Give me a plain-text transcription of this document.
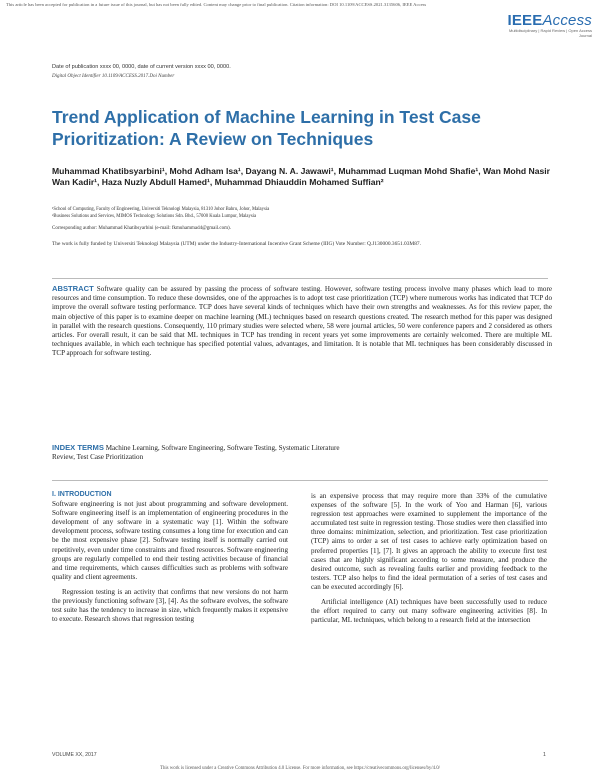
This article has been accepted for publication in a future issue of this journal, but has not been fully edited. Content may change prior to final publication. Citation information: DOI 10.1109/ACCESS.2021.3135606, IEEE Access
IEEEAccess
Multidisciplinary | Rapid Review | Open Access Journal
Date of publication xxxx 00, 0000, date of current version xxxx 00, 0000.
Digital Object Identifier 10.1109/ACCESS.2017.Doi Number
Trend Application of Machine Learning in Test Case Prioritization: A Review on Techniques
Muhammad Khatibsyarbini¹, Mohd Adham Isa¹, Dayang N. A. Jawawi¹, Muhammad Luqman Mohd Shafie¹, Wan Mohd Nasir Wan Kadir¹, Haza Nuzly Abdull Hamed¹, Muhammad Dhiauddin Mohamed Suffian²
¹School of Computing, Faculty of Engineering, Universiti Teknologi Malaysia, 81310 Johor Bahru, Johor, Malaysia
²Business Solutions and Services, MIMOS Technology Solutions Sdn. Bhd., 57000 Kuala Lumpur, Malaysia
Corresponding author: Muhammad Khatibsyarbini (e-mail: fkmuhammad4@gmail.com).
The work is fully funded by Universiti Teknologi Malaysia (UTM) under the Industry-International Incentive Grant Scheme (IIIG) Vote Number: Q.J130000.3651.03M87.
ABSTRACT Software quality can be assured by passing the process of software testing. However, software testing process involve many phases which lead to more resources and time consumption. To reduce these downsides, one of the approaches is to adopt test case prioritization (TCP) where numerous works has indicated that TCP do improve the overall software testing performance. TCP does have several kinds of techniques which have their own strengths and weaknesses. As for this review paper, the main objective of this paper is to examine deeper on machine learning (ML) techniques based on research questions created. The research method for this paper was designed in parallel with the research questions. Consequently, 110 primary studies were selected where, 58 were journal articles, 50 were conference papers and 2 considered as others articles. For overall result, it can be said that ML techniques in TCP has trending in recent years yet some improvements are certainly welcomed. There are multiple ML techniques available, in which each technique has specified potential values, advantages, and limitation. It is notable that ML techniques has been considerably discussed in TCP approach for software testing.
INDEX TERMS Machine Learning, Software Engineering, Software Testing, Systematic Literature Review, Test Case Prioritization
I. INTRODUCTION

Software engineering is not just about programming and software development. Software engineering itself is an implementation of engineering procedures in the development of any software in a systematic way [1]. Within the software development process, software testing consumes a long time for execution and can be the most expensive phase [2]. Software testing itself is normally carried out repetitively, even under time constraints and fixed resources. Software engineering groups are regularly compelled to end their testing activities because of financial and time requirements, which causes difficulties such as problems with software quality and client agreements.

Regression testing is an activity that confirms that new versions do not harm the previously functioning software [3], [4]. As the software evolves, the software test suite has the tendency to increase in size, which frequently makes it expensive to execute. Research shows that regression testing

is an expensive process that may require more than 33% of the cumulative expenses of the software [5]. In the work of Yoo and Harman [6], various regression test approaches were examined to supplement the importance of the accumulated test suite in regression testing. Those studies were then classified into three domains: minimization, selection, and prioritization. Test case prioritization (TCP) aims to order a set of test cases to achieve early optimization based on preferred properties [1], [7]. It gives an approach the ability to execute first test cases that are highly significant according to some measure, and produce the desired outcome, such as revealing faults earlier and providing feedback to the testers. TCP also helps to find the ideal permutation of a series of test cases and can be executed accordingly [6].

Artificial intelligence (AI) techniques have been successfully used to reduce the effort required to carry out many software engineering activities [8]. In particular, ML techniques, which belong to a research field at the intersection

VOLUME XX, 2017	1
This work is licensed under a Creative Commons Attribution 4.0 License. For more information, see https://creativecommons.org/licenses/by/4.0/
